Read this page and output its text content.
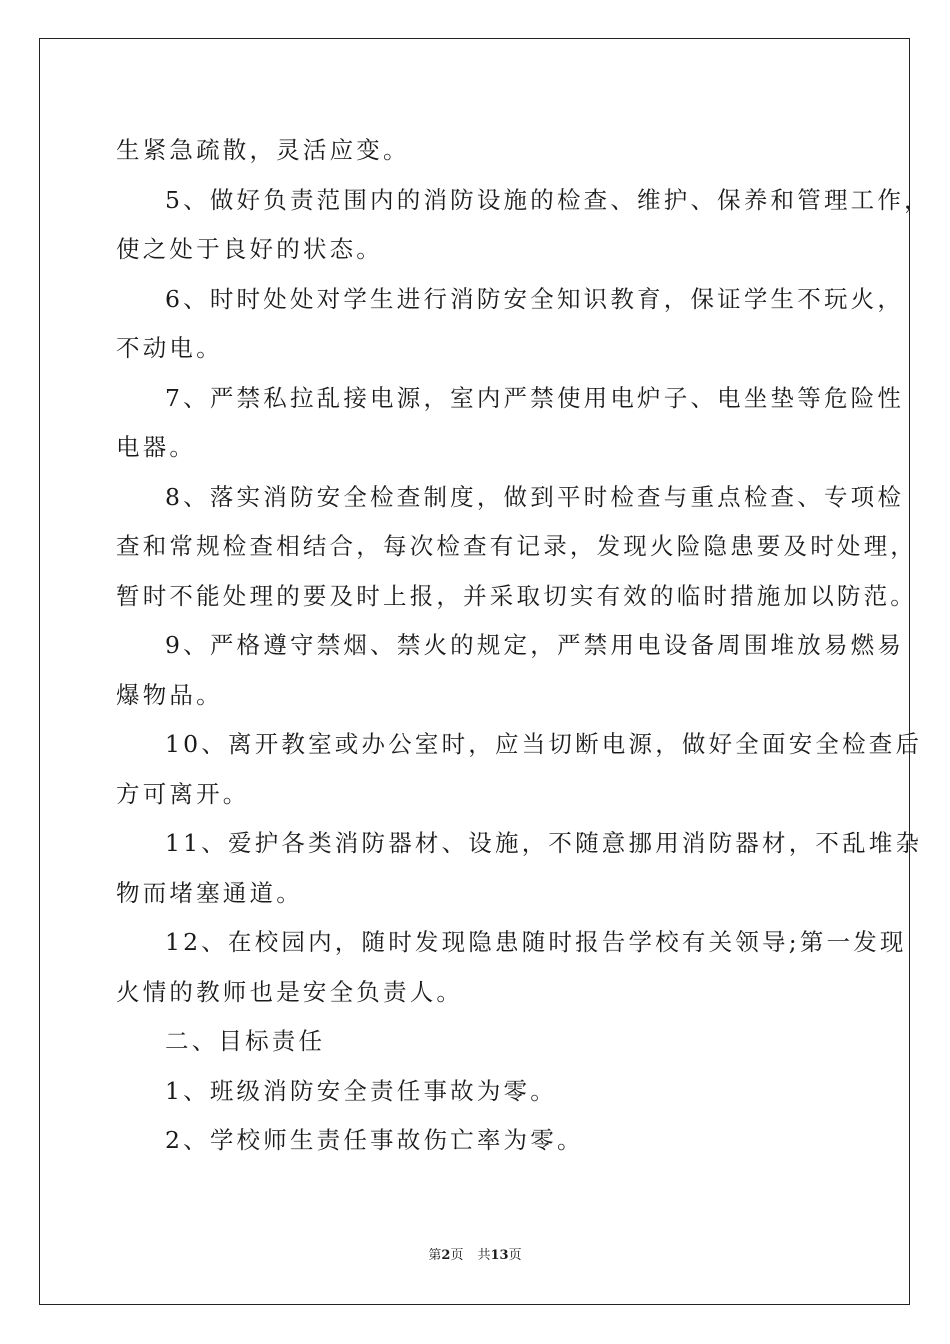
生紧急疏散，灵活应变。
5、做好负责范围内的消防设施的检查、维护、保养和管理工作，
使之处于良好的状态。
6、时时处处对学生进行消防安全知识教育，保证学生不玩火，
不动电。
7、严禁私拉乱接电源，室内严禁使用电炉子、电坐垫等危险性
电器。
8、落实消防安全检查制度，做到平时检查与重点检查、专项检
查和常规检查相结合，每次检查有记录，发现火险隐患要及时处理，
暂时不能处理的要及时上报，并采取切实有效的临时措施加以防范。
9、严格遵守禁烟、禁火的规定，严禁用电设备周围堆放易燃易
爆物品。
10、离开教室或办公室时，应当切断电源，做好全面安全检查后
方可离开。
11、爱护各类消防器材、设施，不随意挪用消防器材，不乱堆杂
物而堵塞通道。
12、在校园内，随时发现隐患随时报告学校有关领导;第一发现
火情的教师也是安全负责人。
二、目标责任
1、班级消防安全责任事故为零。
2、学校师生责任事故伤亡率为零。
第2页 共13页
